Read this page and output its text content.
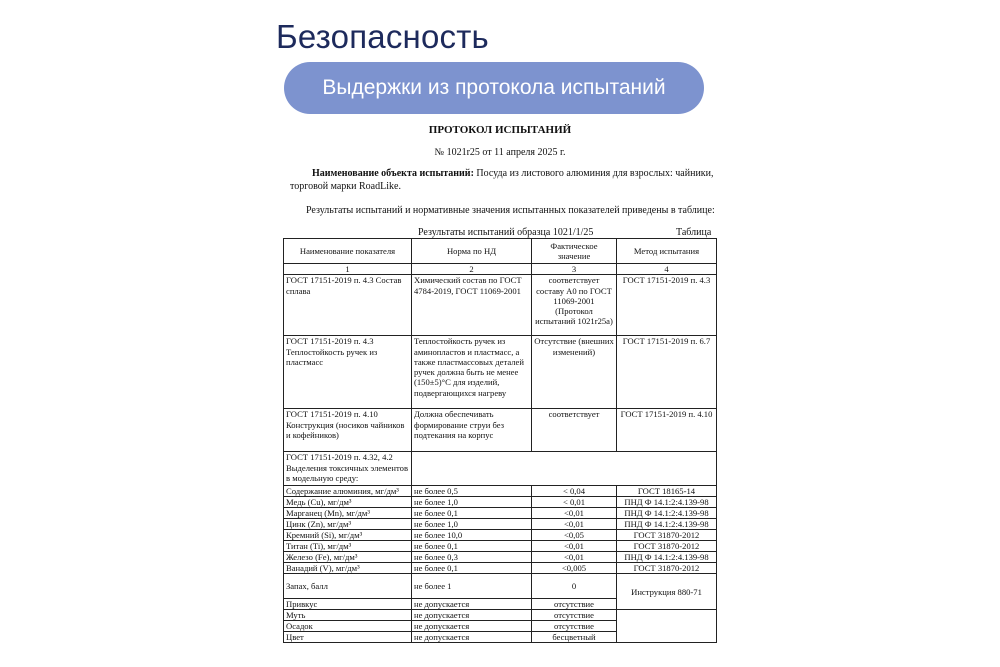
Безопасность
Выдержки из протокола испытаний
ПРОТОКОЛ ИСПЫТАНИЙ
№ 1021r25 от 11 апреля 2025 г.
Наименование объекта испытаний: Посуда из листового алюминия для взрослых: чайники, торговой марки RoadLike.
Результаты испытаний и нормативные значения испытанных показателей приведены в таблице:
Результаты испытаний образца 1021/1/25	Таблица
Наименование показателя	Норма по НД	Фактическое значение	Метод испытания
1	2	3	4
ГОСТ 17151-2019 п. 4.3 Состав сплава	Химический состав по ГОСТ 4784-2019, ГОСТ 11069-2001	соответствует составу А0 по ГОСТ 11069-2001 (Протокол испытаний 1021r25a)	ГОСТ 17151-2019 п. 4.3
ГОСТ 17151-2019 п. 4.3 Теплостойкость ручек из пластмасс	Теплостойкость ручек из аминопластов и пластмасс, а также пластмассовых деталей ручек должна быть не менее (150±5)°С для изделий, подвергающихся нагреву	Отсутствие (внешних изменений)	ГОСТ 17151-2019 п. 6.7
ГОСТ 17151-2019 п. 4.10 Конструкция (носиков чайников и кофейников)	Должна обеспечивать формирование струи без подтекания на корпус	соответствует	ГОСТ 17151-2019 п. 4.10
ГОСТ 17151-2019 п. 4.32, 4.2 Выделения токсичных элементов в модельную среду:			
Содержание алюминия, мг/дм³	не более 0,5	< 0,04	ГОСТ 18165-14
Медь (Cu), мг/дм³	не более 1,0	< 0,01	ПНД Ф 14.1:2:4.139-98
Марганец (Mn), мг/дм³	не более 0,1	<0,01	ПНД Ф 14.1:2:4.139-98
Цинк (Zn), мг/дм³	не более 1,0	<0,01	ПНД Ф 14.1:2:4.139-98
Кремний (Si), мг/дм³	не более 10,0	<0,05	ГОСТ 31870-2012
Титан (Ti), мг/дм³	не более 0,1	<0,01	ГОСТ 31870-2012
Железо (Fe), мг/дм³	не более 0,3	<0,01	ПНД Ф 14.1:2:4.139-98
Ванадий (V), мг/дм³	не более 0,1	<0,005	ГОСТ 31870-2012
Запах, балл	не более 1	0	Инструкция 880-71
Привкус	не допускается	отсутствие	
Муть	не допускается	отсутствие	
Осадок	не допускается	отсутствие	
Цвет	не допускается	бесцветный	
